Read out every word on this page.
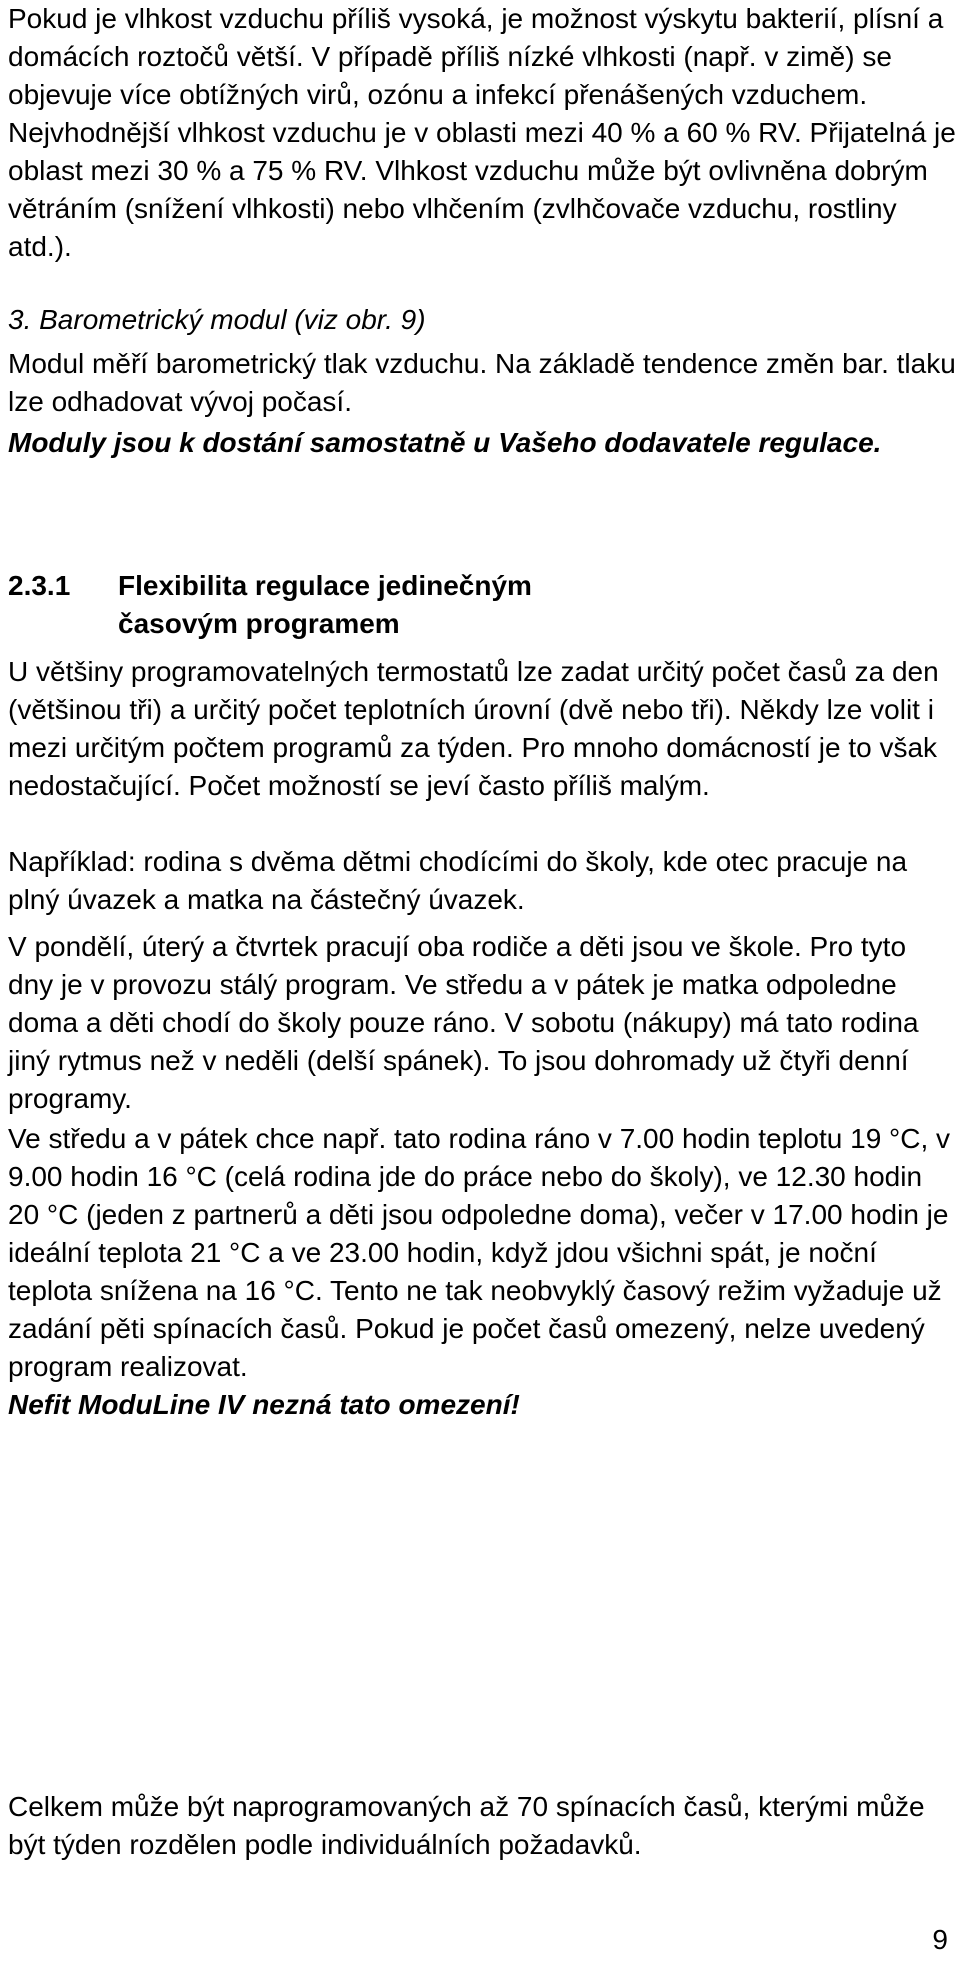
Pokud je vlhkost vzduchu příliš vysoká, je možnost výskytu bakterií, plísní a domácích roztočů větší. V případě příliš nízké vlhkosti (např. v zimě) se objevuje více obtížných virů, ozónu a infekcí přenášených vzduchem. Nejvhodnější vlhkost vzduchu je v oblasti mezi 40 % a 60 % RV. Přijatelná je oblast mezi 30 % a 75 % RV. Vlhkost vzduchu může být ovlivněna dobrým větráním (snížení vlhkosti) nebo vlhčením (zvlhčovače vzduchu, rostliny atd.).

3. Barometrický modul (viz obr. 9)

Modul měří barometrický tlak vzduchu. Na základě tendence změn bar. tlaku lze odhadovat vývoj počasí.

Moduly jsou k dostání samostatně u Vašeho dodavatele regulace.

2.3.1	Flexibilita regulace jedinečným časovým programem

U většiny programovatelných termostatů lze zadat určitý počet časů za den (většinou tři) a určitý počet teplotních úrovní (dvě nebo tři). Někdy lze volit i mezi určitým počtem programů za týden. Pro mnoho domácností je to však nedostačující. Počet možností se jeví často příliš malým.

Například: rodina s dvěma dětmi chodícími do školy, kde otec pracuje na plný úvazek a matka na částečný úvazek.

V pondělí, úterý a čtvrtek pracují oba rodiče a děti jsou ve škole. Pro tyto dny je v provozu stálý program. Ve středu a v pátek je matka odpoledne doma a děti chodí do školy pouze ráno. V sobotu (nákupy) má tato rodina jiný rytmus než v neděli (delší spánek). To jsou dohromady už čtyři denní programy.

Ve středu a v pátek chce např. tato rodina ráno v 7.00 hodin teplotu 19 °C, v 9.00 hodin 16 °C (celá rodina jde do práce nebo do školy), ve 12.30 hodin 20 °C (jeden z partnerů a děti jsou odpoledne doma), večer v 17.00 hodin je ideální teplota 21 °C a ve 23.00 hodin, když jdou všichni spát, je noční teplota snížena na 16 °C. Tento ne tak neobvyklý časový režim vyžaduje už zadání pěti spínacích časů. Pokud je počet časů omezený, nelze uvedený program realizovat.
Nefit ModuLine IV nezná tato omezení!

Celkem může být naprogramovaných až 70 spínacích časů, kterými může být týden rozdělen podle individuálních požadavků.

9
